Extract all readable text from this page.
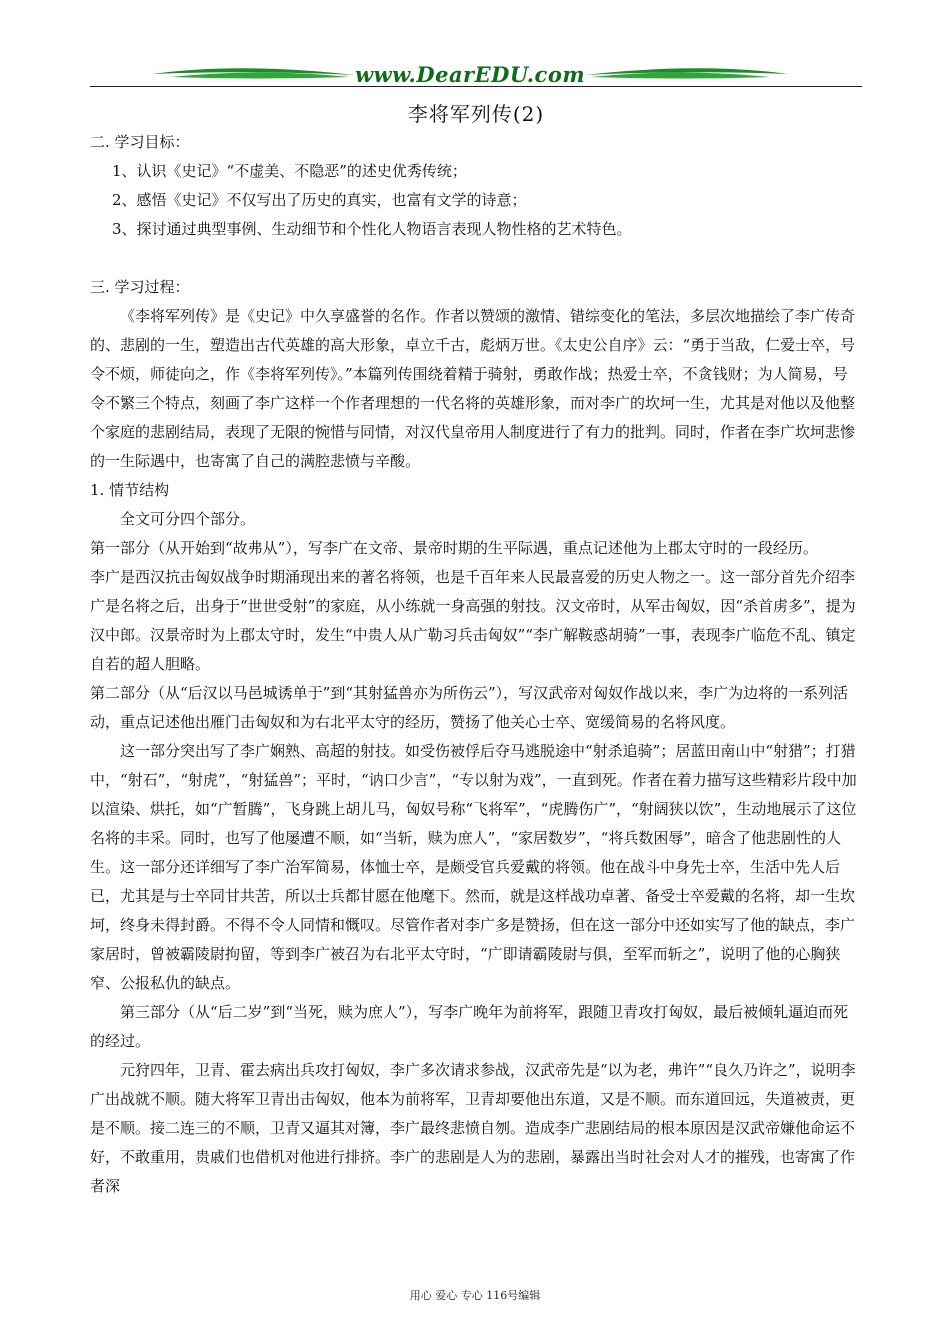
www.DearEDU.com
李将军列传(2)

二. 学习目标：

1、认识《史记》“不虚美、不隐恶”的述史优秀传统；

2、感悟《史记》不仅写出了历史的真实，也富有文学的诗意；

3、探讨通过典型事例、生动细节和个性化人物语言表现人物性格的艺术特色。

三. 学习过程：

《李将军列传》是《史记》中久享盛誉的名作。作者以赞颂的激情、错综变化的笔法，多层次地描绘了李广传奇的、悲剧的一生，塑造出古代英雄的高大形象，卓立千古，彪炳万世。《太史公自序》云：“勇于当敌，仁爱士卒，号令不烦，师徒向之，作《李将军列传》。”本篇列传围绕着精于骑射，勇敢作战；热爱士卒，不贪钱财；为人简易，号令不繁三个特点，刻画了李广这样一个作者理想的一代名将的英雄形象，而对李广的坎坷一生，尤其是对他以及他整个家庭的悲剧结局，表现了无限的惋惜与同情，对汉代皇帝用人制度进行了有力的批判。同时，作者在李广坎坷悲惨的一生际遇中，也寄寓了自己的满腔悲愤与辛酸。

1. 情节结构

全文可分四个部分。

第一部分（从开始到“故弗从”），写李广在文帝、景帝时期的生平际遇，重点记述他为上郡太守时的一段经历。

李广是西汉抗击匈奴战争时期涌现出来的著名将领，也是千百年来人民最喜爱的历史人物之一。这一部分首先介绍李广是名将之后，出身于“世世受射”的家庭，从小练就一身高强的射技。汉文帝时，从军击匈奴，因“杀首虏多”，提为汉中郎。汉景帝时为上郡太守时，发生“中贵人从广勒习兵击匈奴”“李广解鞍惑胡骑”一事，表现李广临危不乱、镇定自若的超人胆略。

第二部分（从“后汉以马邑城诱单于”到“其射猛兽亦为所伤云”），写汉武帝对匈奴作战以来，李广为边将的一系列活动，重点记述他出雁门击匈奴和为右北平太守的经历，赞扬了他关心士卒、宽缓简易的名将风度。

这一部分突出写了李广娴熟、高超的射技。如受伤被俘后夺马逃脱途中“射杀追骑”；居蓝田南山中“射猎”；打猎中，“射石”，“射虎”，“射猛兽”；平时，“讷口少言”，“专以射为戏”，一直到死。作者在着力描写这些精彩片段中加以渲染、烘托，如“广暂腾”，飞身跳上胡儿马，匈奴号称“飞将军”，“虎腾伤广”，“射阔狭以饮”，生动地展示了这位名将的丰采。同时，也写了他屡遭不顺，如“当斩，赎为庶人”，“家居数岁”，“将兵数困辱”，暗含了他悲剧性的人生。这一部分还详细写了李广治军简易，体恤士卒，是颇受官兵爱戴的将领。他在战斗中身先士卒，生活中先人后已，尤其是与士卒同甘共苦，所以士兵都甘愿在他麾下。然而，就是这样战功卓著、备受士卒爱戴的名将，却一生坎坷，终身未得封爵。不得不令人同情和慨叹。尽管作者对李广多是赞扬，但在这一部分中还如实写了他的缺点，李广家居时，曾被霸陵尉拘留，等到李广被召为右北平太守时，“广即请霸陵尉与俱，至军而斩之”，说明了他的心胸狭窄、公报私仇的缺点。

第三部分（从“后二岁”到“当死，赎为庶人”），写李广晚年为前将军，跟随卫青攻打匈奴，最后被倾轧逼迫而死的经过。

元狩四年，卫青、霍去病出兵攻打匈奴，李广多次请求参战，汉武帝先是“以为老，弗许”“良久乃许之”，说明李广出战就不顺。随大将军卫青出击匈奴，他本为前将军，卫青却要他出东道，又是不顺。而东道回远，失道被责，更是不顺。接二连三的不顺，卫青又逼其对簿，李广最终悲愤自刎。造成李广悲剧结局的根本原因是汉武帝嫌他命运不好，不敢重用，贵戚们也借机对他进行排挤。李广的悲剧是人为的悲剧，暴露出当时社会对人才的摧残，也寄寓了作者深

用心 爱心 专心 116号编辑
